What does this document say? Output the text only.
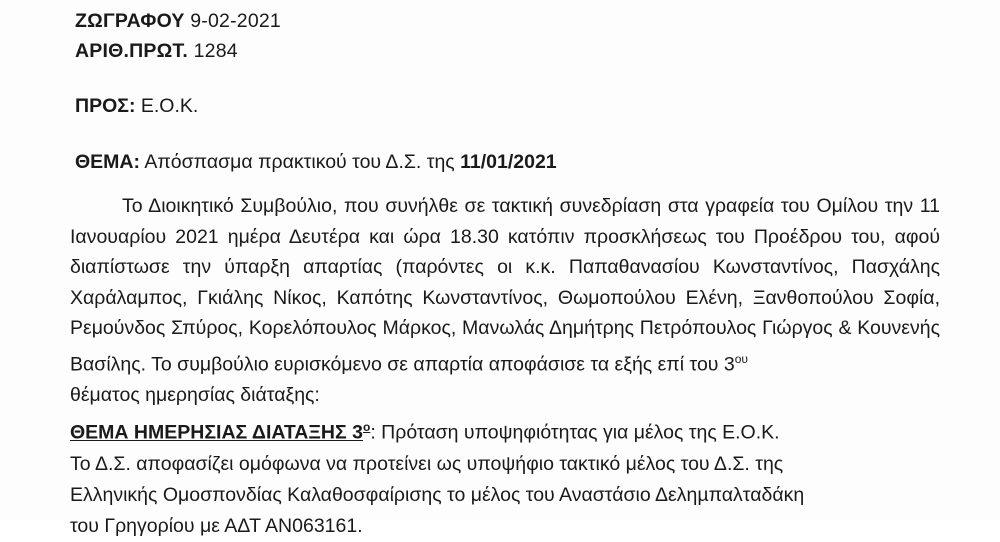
ΖΩΓΡΑΦΟΥ 9-02-2021
ΑΡΙΘ.ΠΡΩΤ. 1284
ΠΡΟΣ: Ε.Ο.Κ.
ΘΕΜΑ: Απόσπασμα πρακτικού του Δ.Σ. της 11/01/2021
Το Διοικητικό Συμβούλιο, που συνήλθε σε τακτική συνεδρίαση στα γραφεία του Ομίλου την 11 Ιανουαρίου 2021 ημέρα Δευτέρα και ώρα 18.30 κατόπιν προσκλήσεως του Προέδρου του, αφού διαπίστωσε την ύπαρξη απαρτίας (παρόντες οι κ.κ. Παπαθανασίου Κωνσταντίνος, Πασχάλης Χαράλαμπος, Γκιάλης Νίκος, Καπότης Κωνσταντίνος, Θωμοπούλου Ελένη, Ξανθοπούλου Σοφία, Ρεμούνδος Σπύρος, Κορελόπουλος Μάρκος, Μανωλάς Δημήτρης Πετρόπουλος Γιώργος & Κουνενής Βασίλης. Το συμβούλιο ευρισκόμενο σε απαρτία αποφάσισε τα εξής επί του $3^{o\upsilon}$
θέματος ημερησίας διάταξης:
ΘΕΜΑ ΗΜΕΡΗΣΙΑΣ ΔΙΑΤΑΞΗΣ $3^o$: Πρόταση υποψηφιότητας για μέλος της Ε.Ο.Κ.
Το Δ.Σ. αποφασίζει ομόφωνα να προτείνει ως υποψήφιο τακτικό μέλος του Δ.Σ. της
Ελληνικής Ομοσπονδίας Καλαθοσφαίρισης το μέλος του Αναστάσιο Δεληµπαλταδάκη
του Γρηγορίου με ΑΔΤ ΑΝ063161.
